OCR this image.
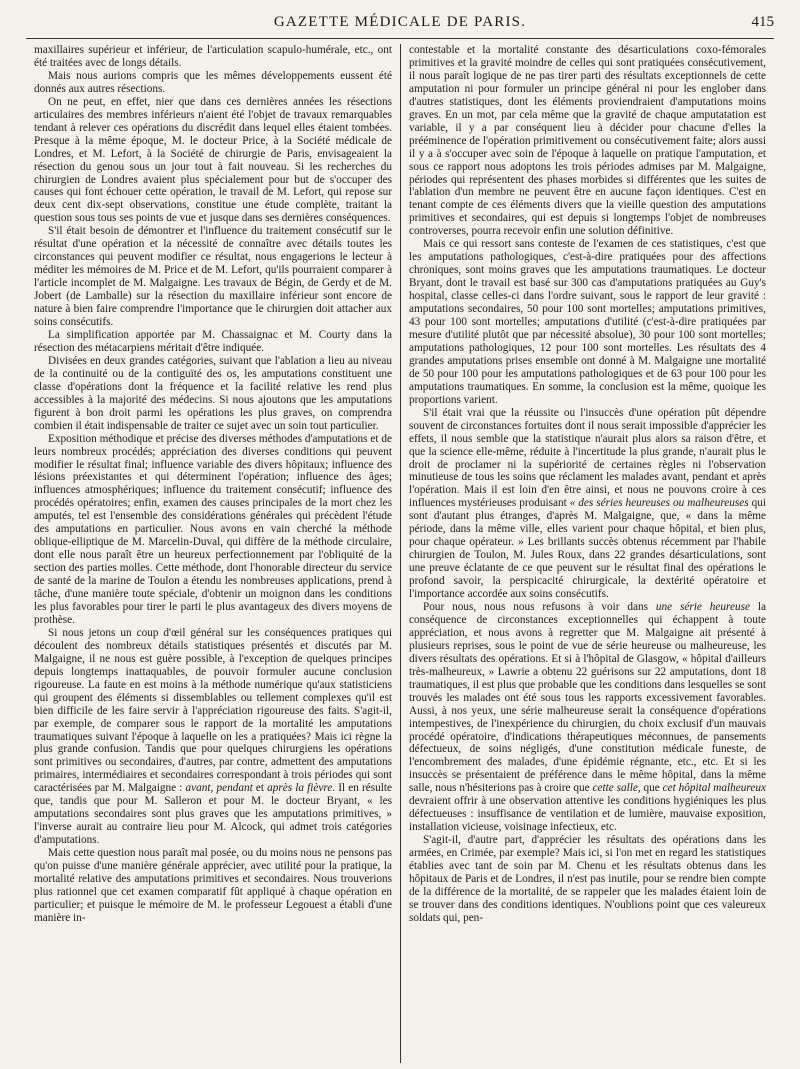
GAZETTE MÉDICALE DE PARIS.	415

maxillaires supérieur et inférieur, de l'articulation scapulo-humérale, etc., ont été traitées avec de longs détails.

Mais nous aurions compris que les mêmes développements eussent été donnés aux autres résections.

On ne peut, en effet, nier que dans ces dernières années les résections articulaires des membres inférieurs n'aient été l'objet de travaux remarquables tendant à relever ces opérations du discrédit dans lequel elles étaient tombées. Presque à la même époque, M. le docteur Price, à la Société médicale de Londres, et M. Lefort, à la Société de chirurgie de Paris, envisageaient la résection du genou sous un jour tout à fait nouveau. Si les recherches du chirurgien de Londres avaient plus spécialement pour but de s'occuper des causes qui font échouer cette opération, le travail de M. Lefort, qui repose sur deux cent dix-sept observations, constitue une étude complète, traitant la question sous tous ses points de vue et jusque dans ses dernières conséquences.

S'il était besoin de démontrer et l'influence du traitement consécutif sur le résultat d'une opération et la nécessité de connaître avec détails toutes les circonstances qui peuvent modifier ce résultat, nous engagerions le lecteur à méditer les mémoires de M. Price et de M. Lefort, qu'ils pourraient comparer à l'article incomplet de M. Malgaigne. Les travaux de Bégin, de Gerdy et de M. Jobert (de Lamballe) sur la résection du maxillaire inférieur sont encore de nature à bien faire comprendre l'importance que le chirurgien doit attacher aux soins consécutifs.

La simplification apportée par M. Chassaignac et M. Courty dans la résection des métacarpiens méritait d'être indiquée.

Divisées en deux grandes catégories, suivant que l'ablation a lieu au niveau de la continuité ou de la contiguïté des os, les amputations constituent une classe d'opérations dont la fréquence et la facilité relative les rend plus accessibles à la majorité des médecins. Si nous ajoutons que les amputations figurent à bon droit parmi les opérations les plus graves, on comprendra combien il était indispensable de traiter ce sujet avec un soin tout particulier.

Exposition méthodique et précise des diverses méthodes d'amputations et de leurs nombreux procédés; appréciation des diverses conditions qui peuvent modifier le résultat final; influence variable des divers hôpitaux; influence des lésions préexistantes et qui déterminent l'opération; influence des âges; influences atmosphériques; influence du traitement consécutif; influence des procédés opératoires; enfin, examen des causes principales de la mort chez les amputés, tel est l'ensemble des considérations générales qui précèdent l'étude des amputations en particulier. Nous avons en vain cherché la méthode oblique-elliptique de M. Marcelin-Duval, qui diffère de la méthode circulaire, dont elle nous paraît être un heureux perfectionnement par l'obliquité de la section des parties molles. Cette méthode, dont l'honorable directeur du service de santé de la marine de Toulon a étendu les nombreuses applications, prend à tâche, d'une manière toute spéciale, d'obtenir un moignon dans les conditions les plus favorables pour tirer le parti le plus avantageux des divers moyens de prothèse.

Si nous jetons un coup d'œil général sur les conséquences pratiques qui découlent des nombreux détails statistiques présentés et discutés par M. Malgaigne, il ne nous est guère possible, à l'exception de quelques principes depuis longtemps inattaquables, de pouvoir formuler aucune conclusion rigoureuse. La faute en est moins à la méthode numérique qu'aux statisticiens qui groupent des éléments si dissemblables ou tellement complexes qu'il est bien difficile de les faire servir à l'appréciation rigoureuse des faits. S'agit-il, par exemple, de comparer sous le rapport de la mortalité les amputations traumatiques suivant l'époque à laquelle on les a pratiquées? Mais ici règne la plus grande confusion. Tandis que pour quelques chirurgiens les opérations sont primitives ou secondaires, d'autres, par contre, admettent des amputations primaires, intermédiaires et secondaires correspondant à trois périodes qui sont caractérisées par M. Malgaigne : avant, pendant et après la fièvre. Il en résulte que, tandis que pour M. Salleron et pour M. le docteur Bryant, « les amputations secondaires sont plus graves que les amputations primitives, » l'inverse aurait au contraire lieu pour M. Alcock, qui admet trois catégories d'amputations.

Mais cette question nous paraît mal posée, ou du moins nous ne pensons pas qu'on puisse d'une manière générale apprécier, avec utilité pour la pratique, la mortalité relative des amputations primitives et secondaires. Nous trouverions plus rationnel que cet examen comparatif fût appliqué à chaque opération en particulier; et puisque le mémoire de M. le professeur Legouest a établi d'une manière in-

contestable et la mortalité constante des désarticulations coxo-fémorales primitives et la gravité moindre de celles qui sont pratiquées consécutivement, il nous paraît logique de ne pas tirer parti des résultats exceptionnels de cette amputation ni pour formuler un principe général ni pour les englober dans d'autres statistiques, dont les éléments proviendraient d'amputations moins graves. En un mot, par cela même que la gravité de chaque amputatation est variable, il y a par conséquent lieu à décider pour chacune d'elles la prééminence de l'opération primitivement ou consécutivement faite; alors aussi il y a à s'occuper avec soin de l'époque à laquelle on pratique l'amputation, et sous ce rapport nous adoptons les trois périodes admises par M. Malgaigne, périodes qui représentent des phases morbides si différentes que les suites de l'ablation d'un membre ne peuvent être en aucune façon identiques. C'est en tenant compte de ces éléments divers que la vieille question des amputations primitives et secondaires, qui est depuis si longtemps l'objet de nombreuses controverses, pourra recevoir enfin une solution définitive.

Mais ce qui ressort sans conteste de l'examen de ces statistiques, c'est que les amputations pathologiques, c'est-à-dire pratiquées pour des affections chroniques, sont moins graves que les amputations traumatiques. Le docteur Bryant, dont le travail est basé sur 300 cas d'amputations pratiquées au Guy's hospital, classe celles-ci dans l'ordre suivant, sous le rapport de leur gravité : amputations secondaires, 50 pour 100 sont mortelles; amputations primitives, 43 pour 100 sont mortelles; amputations d'utilité (c'est-à-dire pratiquées par mesure d'utilité plutôt que par nécessité absolue), 30 pour 100 sont mortelles; amputations pathologiques, 12 pour 100 sont mortelles. Les résultats des 4 grandes amputations prises ensemble ont donné à M. Malgaigne une mortalité de 50 pour 100 pour les amputations pathologiques et de 63 pour 100 pour les amputations traumatiques. En somme, la conclusion est la même, quoique les proportions varient.

S'il était vrai que la réussite ou l'insuccès d'une opération pût dépendre souvent de circonstances fortuites dont il nous serait impossible d'apprécier les effets, il nous semble que la statistique n'aurait plus alors sa raison d'être, et que la science elle-même, réduite à l'incertitude la plus grande, n'aurait plus le droit de proclamer ni la supériorité de certaines règles ni l'observation minutieuse de tous les soins que réclament les malades avant, pendant et après l'opération. Mais il est loin d'en être ainsi, et nous ne pouvons croire à ces influences mystérieuses produisant « des séries heureuses ou malheureuses qui sont d'autant plus étranges, d'après M. Malgaigne, que, « dans la même période, dans la même ville, elles varient pour chaque hôpital, et bien plus, pour chaque opérateur. » Les brillants succès obtenus récemment par l'habile chirurgien de Toulon, M. Jules Roux, dans 22 grandes désarticulations, sont une preuve éclatante de ce que peuvent sur le résultat final des opérations le profond savoir, la perspicacité chirurgicale, la dextérité opératoire et l'importance accordée aux soins consécutifs.

Pour nous, nous nous refusons à voir dans une série heureuse la conséquence de circonstances exceptionnelles qui échappent à toute appréciation, et nous avons à regretter que M. Malgaigne ait présenté à plusieurs reprises, sous le point de vue de série heureuse ou malheureuse, les divers résultats des opérations. Et si à l'hôpital de Glasgow, « hôpital d'ailleurs très-malheureux, » Lawrie a obtenu 22 guérisons sur 22 amputations, dont 18 traumatiques, il est plus que probable que les conditions dans lesquelles se sont trouvés les malades ont été sous tous les rapports excessivement favorables. Aussi, à nos yeux, une série malheureuse serait la conséquence d'opérations intempestives, de l'inexpérience du chirurgien, du choix exclusif d'un mauvais procédé opératoire, d'indications thérapeutiques méconnues, de pansements défectueux, de soins négligés, d'une constitution médicale funeste, de l'encombrement des malades, d'une épidémie régnante, etc., etc. Et si les insuccès se présentaient de préférence dans le même hôpital, dans la même salle, nous n'hésiterions pas à croire que cette salle, que cet hôpital malheureux devraient offrir à une observation attentive les conditions hygiéniques les plus défectueuses : insuffisance de ventilation et de lumière, mauvaise exposition, installation vicieuse, voisinage infectieux, etc.

S'agit-il, d'autre part, d'apprécier les résultats des opérations dans les armées, en Crimée, par exemple? Mais ici, si l'on met en regard les statistiques établies avec tant de soin par M. Chenu et les résultats obtenus dans les hôpitaux de Paris et de Londres, il n'est pas inutile, pour se rendre bien compte de la différence de la mortalité, de se rappeler que les malades étaient loin de se trouver dans des conditions identiques. N'oublions point que ces valeureux soldats qui, pen-
